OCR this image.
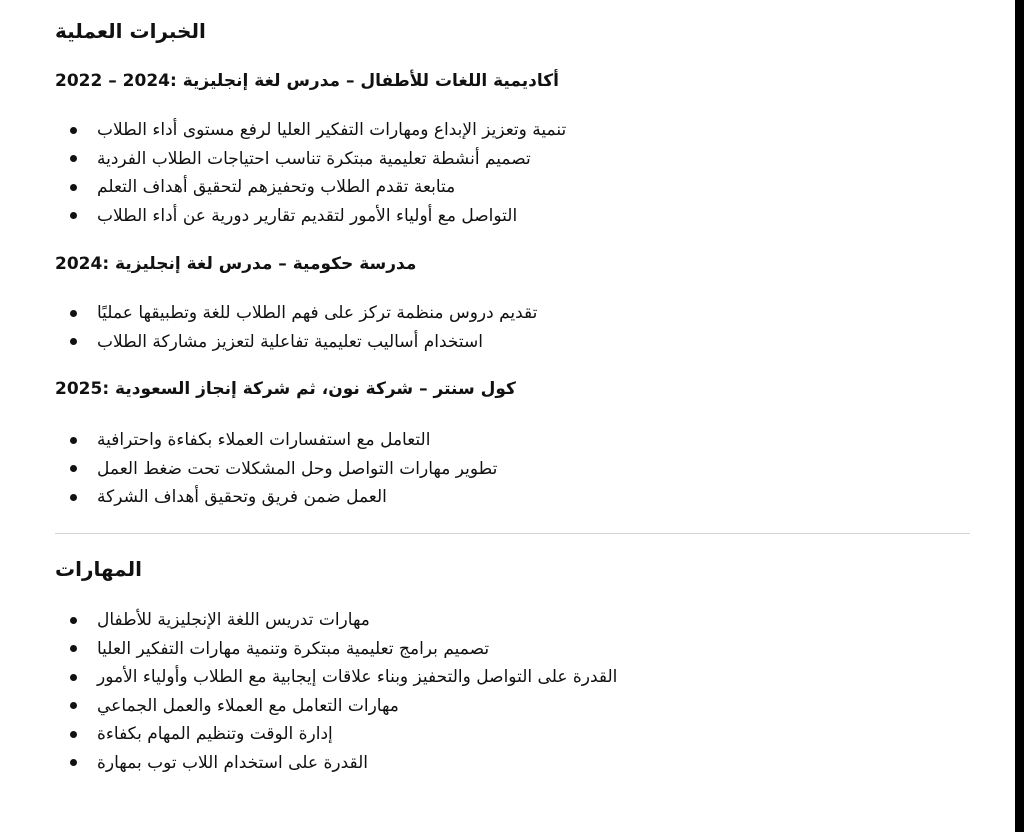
الخبرات العملية
أكاديمية اللغات للأطفال – مدرس لغة إنجليزية :2024 – 2022
تنمية وتعزيز الإبداع ومهارات التفكير العليا لرفع مستوى أداء الطلاب
تصميم أنشطة تعليمية مبتكرة تناسب احتياجات الطلاب الفردية
متابعة تقدم الطلاب وتحفيزهم لتحقيق أهداف التعلم
التواصل مع أولياء الأمور لتقديم تقارير دورية عن أداء الطلاب
مدرسة حكومية – مدرس لغة إنجليزية :2024
تقديم دروس منظمة تركز على فهم الطلاب للغة وتطبيقها عمليًا
استخدام أساليب تعليمية تفاعلية لتعزيز مشاركة الطلاب
كول سنتر – شركة نون، ثم شركة إنجاز السعودية :2025
التعامل مع استفسارات العملاء بكفاءة واحترافية
تطوير مهارات التواصل وحل المشكلات تحت ضغط العمل
العمل ضمن فريق وتحقيق أهداف الشركة
المهارات
مهارات تدريس اللغة الإنجليزية للأطفال
تصميم برامج تعليمية مبتكرة وتنمية مهارات التفكير العليا
القدرة على التواصل والتحفيز وبناء علاقات إيجابية مع الطلاب وأولياء الأمور
مهارات التعامل مع العملاء والعمل الجماعي
إدارة الوقت وتنظيم المهام بكفاءة
القدرة على استخدام اللاب توب بمهارة
